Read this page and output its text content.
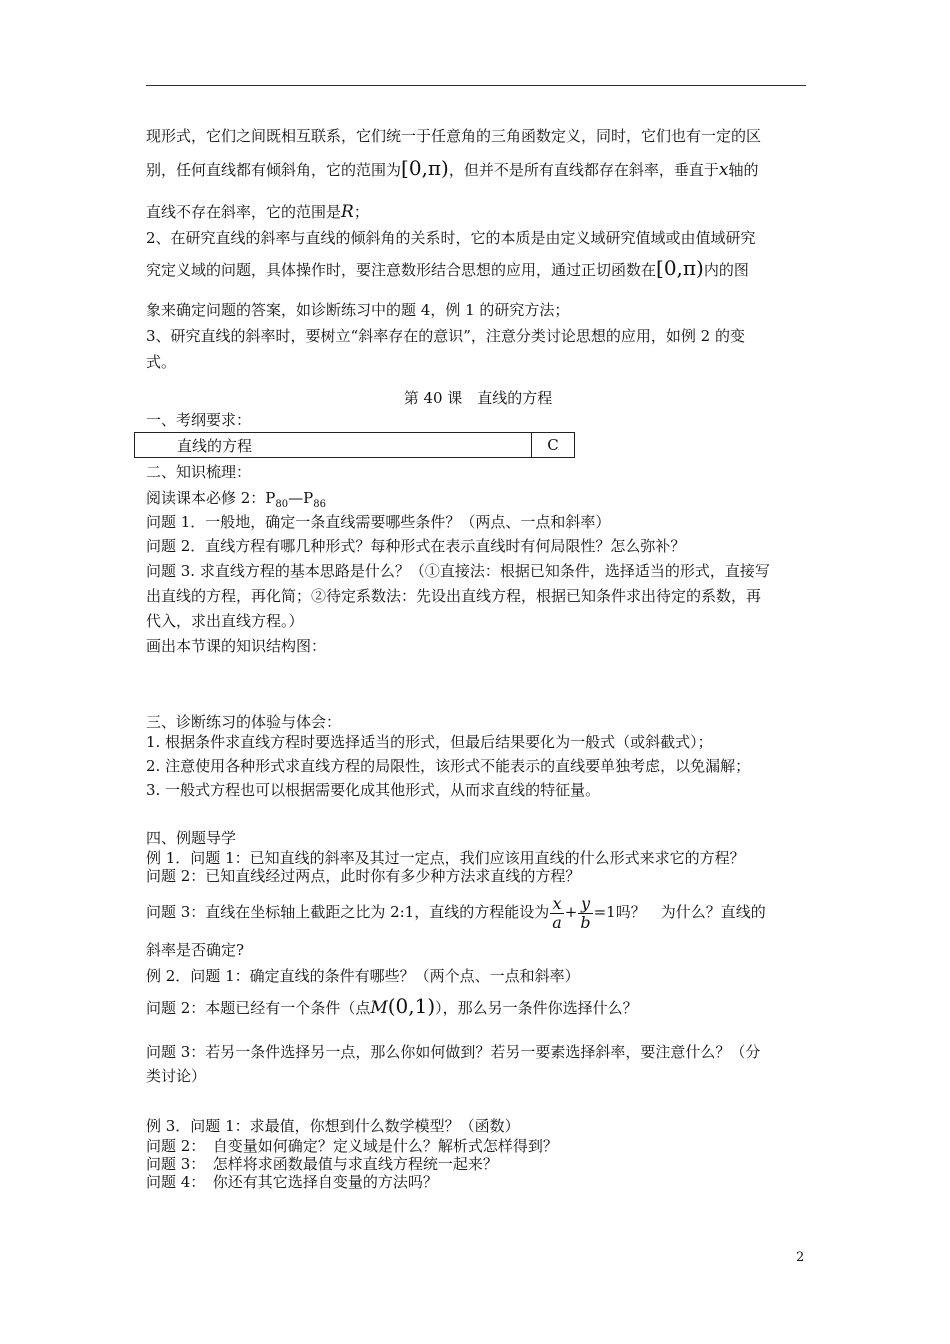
现形式，它们之间既相互联系，它们统一于任意角的三角函数定义，同时，它们也有一定的区
别，任何直线都有倾斜角，它的范围为[0,π)，但并不是所有直线都存在斜率，垂直于x轴的
直线不存在斜率，它的范围是R；
2、在研究直线的斜率与直线的倾斜角的关系时，它的本质是由定义域研究值域或由值域研究
究定义域的问题，具体操作时，要注意数形结合思想的应用，通过正切函数在[0,π)内的图
象来确定问题的答案，如诊断练习中的题 4，例 1 的研究方法；
3、研究直线的斜率时，要树立“斜率存在的意识”，注意分类讨论思想的应用，如例 2 的变
式。
第 40 课　直线的方程
一、考纲要求：
直线的方程	C
二、知识梳理：
阅读课本必修 2：$P_{80}—P_{86}$
问题 1．一般地，确定一条直线需要哪些条件？（两点、一点和斜率）
问题 2．直线方程有哪几种形式？每种形式在表示直线时有何局限性？怎么弥补？
问题 3. 求直线方程的基本思路是什么？（①直接法：根据已知条件，选择适当的形式，直接写
出直线的方程，再化简；②待定系数法：先设出直线方程，根据已知条件求出待定的系数，再
代入，求出直线方程。）
画出本节课的知识结构图：
三、诊断练习的体验与体会：
1. 根据条件求直线方程时要选择适当的形式，但最后结果要化为一般式（或斜截式）；
2. 注意使用各种形式求直线方程的局限性，该形式不能表示的直线要单独考虑，以免漏解；
3. 一般式方程也可以根据需要化成其他形式，从而求直线的特征量。
四、例题导学
例 1．问题 1：已知直线的斜率及其过一定点，我们应该用直线的什么形式来求它的方程？
问题 2：已知直线经过两点，此时你有多少种方法求直线的方程？
问题 3：直线在坐标轴上截距之比为 2:1，直线的方程能设为 $\frac{x}{a} + \frac{y}{b} =1$吗？　为什么？直线的
斜率是否确定?
例 2．问题 1：确定直线的条件有哪些？（两个点、一点和斜率）
问题 2：本题已经有一个条件（点M(0,1)），那么另一条件你选择什么？
问题 3：若另一条件选择另一点，那么你如何做到？若另一要素选择斜率，要注意什么？（分
类讨论）
例 3．问题 1：求最值，你想到什么数学模型？（函数）
问题 2：　自变量如何确定？定义域是什么？解析式怎样得到？
问题 3：　怎样将求函数最值与求直线方程统一起来？
问题 4：　你还有其它选择自变量的方法吗？
2
